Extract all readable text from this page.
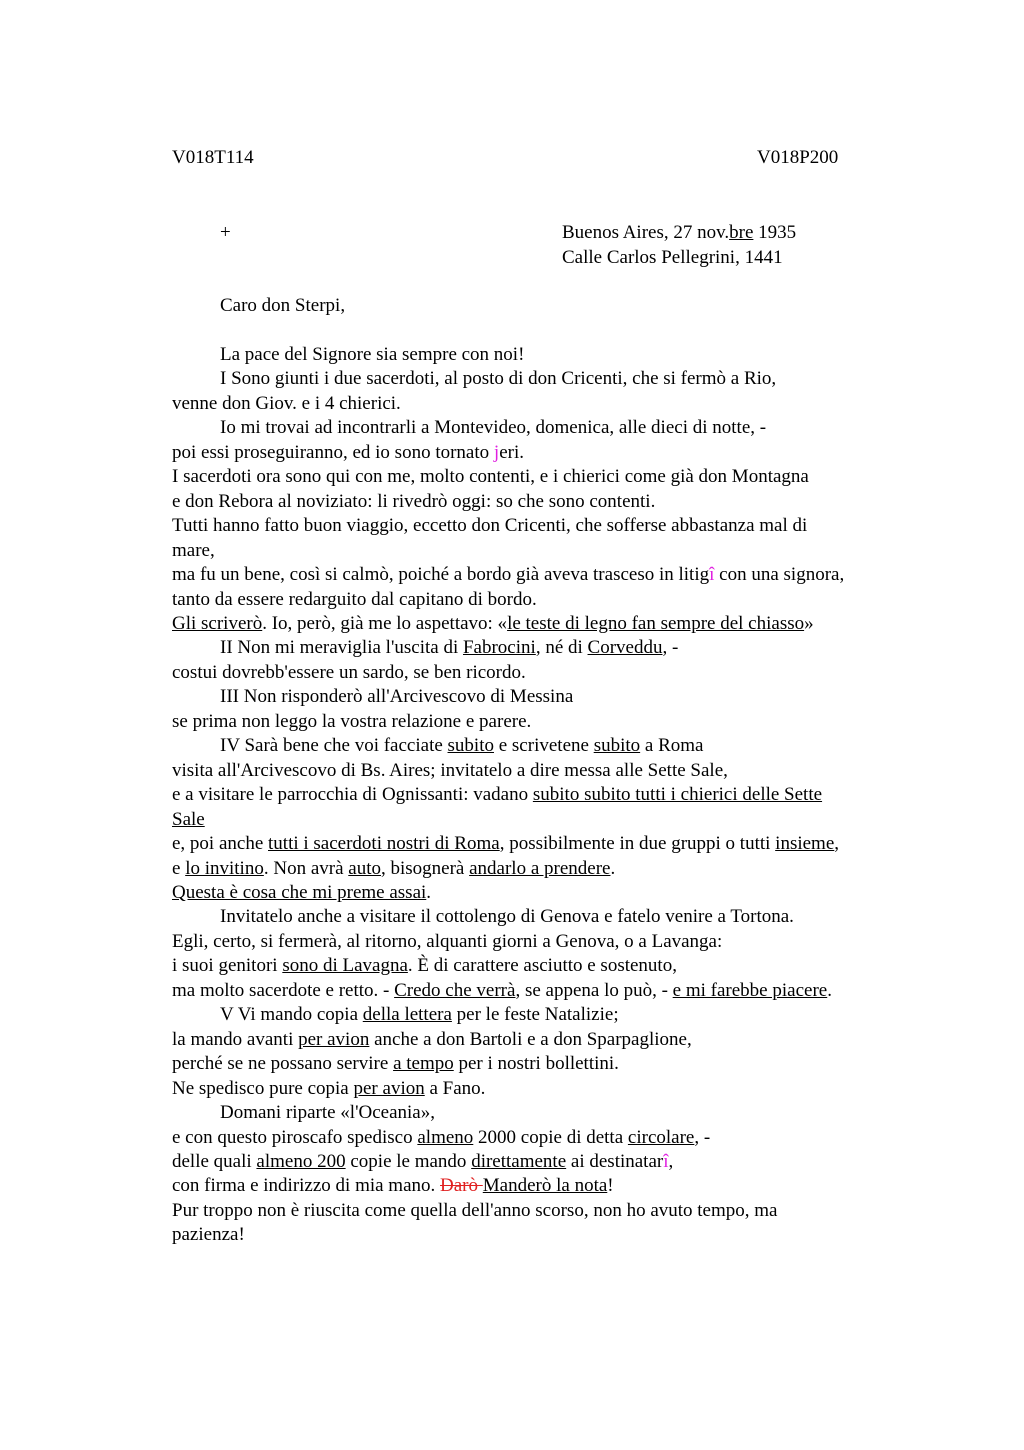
V018T114	V018P200
+	Buenos Aires, 27 nov.bre 1935
Calle Carlos Pellegrini, 1441
Caro don Sterpi,
La pace del Signore sia sempre con noi!
I Sono giunti i due sacerdoti, al posto di don Cricenti, che si fermò a Rio,
venne don Giov. e i 4 chierici.
Io mi trovai ad incontrarli a Montevideo, domenica, alle dieci di notte, -
poi essi proseguiranno, ed io sono tornato jeri.
I sacerdoti ora sono qui con me, molto contenti, e i chierici come già don Montagna
e don Rebora al noviziato: li rivedrò oggi: so che sono contenti.
Tutti hanno fatto buon viaggio, eccetto don Cricenti, che sofferse abbastanza mal di
mare,
ma fu un bene, così si calmò, poiché a bordo già aveva trasceso in litigî con una signora,
tanto da essere redarguito dal capitano di bordo.
Gli scriverò. Io, però, già me lo aspettavo: «le teste di legno fan sempre del chiasso»
II Non mi meraviglia l'uscita di Fabrocini, né di Corveddu, -
costui dovrebb'essere un sardo, se ben ricordo.
III Non risponderò all'Arcivescovo di Messina
se prima non leggo la vostra relazione e parere.
IV Sarà bene che voi facciate subito e scrivetene subito a Roma
visita all'Arcivescovo di Bs. Aires; invitatelo a dire messa alle Sette Sale,
e a visitare le parrocchia di Ognissanti: vadano subito subito tutti i chierici delle Sette
Sale
e, poi anche tutti i sacerdoti nostri di Roma, possibilmente in due gruppi o tutti insieme,
e lo invitino. Non avrà auto, bisognerà andarlo a prendere.
Questa è cosa che mi preme assai.
Invitatelo anche a visitare il cottolengo di Genova e fatelo venire a Tortona.
Egli, certo, si fermerà, al ritorno, alquanti giorni a Genova, o a Lavanga:
i suoi genitori sono di Lavagna. È di carattere asciutto e sostenuto,
ma molto sacerdote e retto. - Credo che verrà, se appena lo può, - e mi farebbe piacere.
V Vi mando copia della lettera per le feste Natalizie;
la mando avanti per avion anche a don Bartoli e a don Sparpaglione,
perché se ne possano servire a tempo per i nostri bollettini.
Ne spedisco pure copia per avion a Fano.
Domani riparte «l'Oceania»,
e con questo piroscafo spedisco almeno 2000 copie di detta circolare, -
delle quali almeno 200 copie le mando direttamente ai destinatarî,
con firma e indirizzo di mia mano. Darò Manderò la nota!
Pur troppo non è riuscita come quella dell'anno scorso, non ho avuto tempo, ma
pazienza!
